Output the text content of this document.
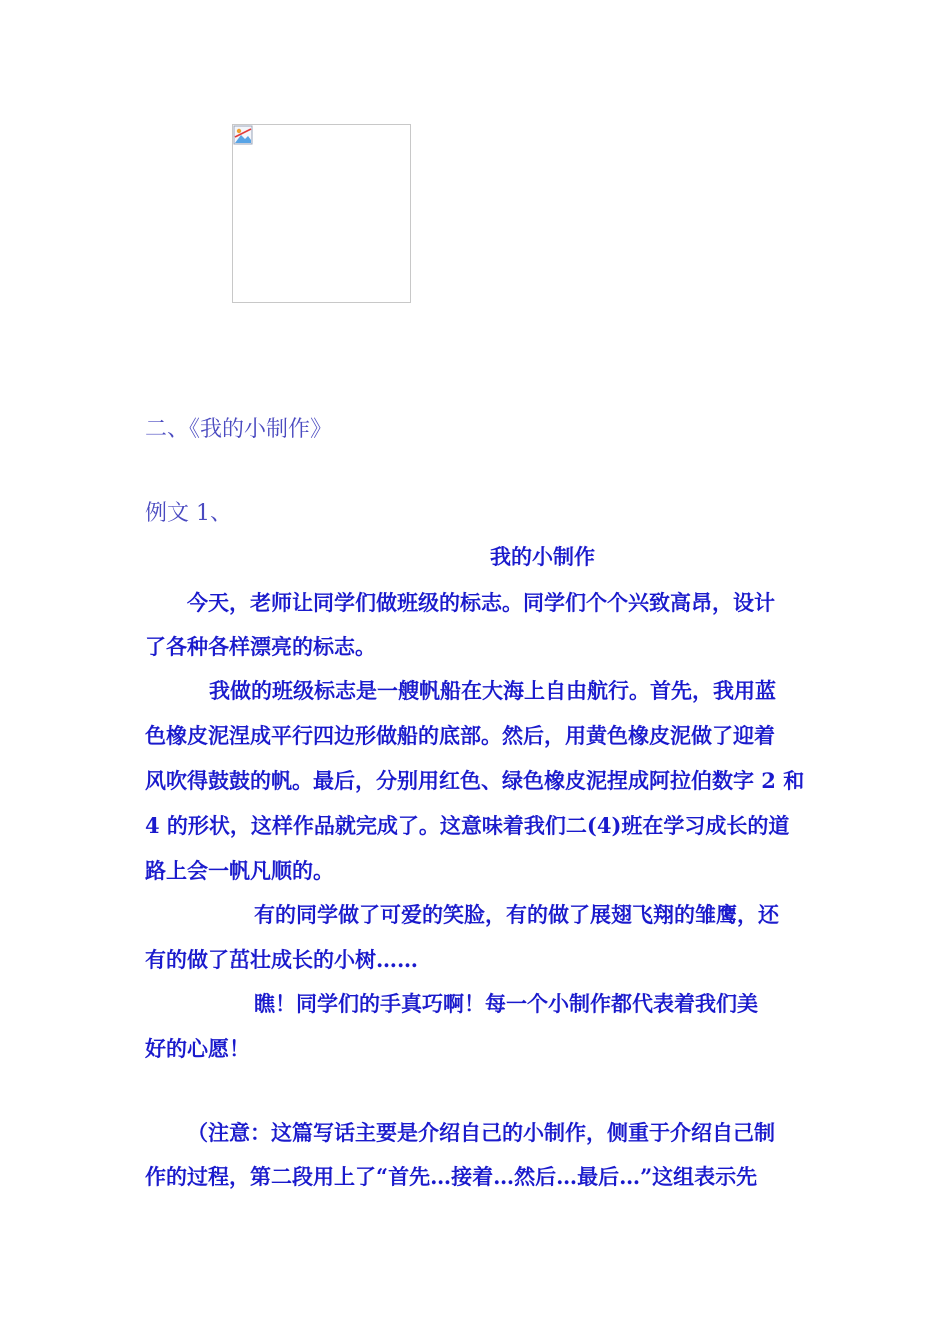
二、《我的小制作》
例文 1、
我的小制作
今天，老师让同学们做班级的标志。同学们个个兴致高昂，设计
了各种各样漂亮的标志。
我做的班级标志是一艘帆船在大海上自由航行。首先，我用蓝
色橡皮泥涅成平行四边形做船的底部。然后，用黄色橡皮泥做了迎着
风吹得鼓鼓的帆。最后，分别用红色、绿色橡皮泥捏成阿拉伯数字 2 和
4 的形状，这样作品就完成了。这意味着我们二(4)班在学习成长的道
路上会一帆凡顺的。
有的同学做了可爱的笑脸，有的做了展翅飞翔的雏鹰，还
有的做了茁壮成长的小树……
瞧！同学们的手真巧啊！每一个小制作都代表着我们美
好的心愿！
（注意：这篇写话主要是介绍自己的小制作，侧重于介绍自己制
作的过程，第二段用上了“首先…接着…然后…最后…”这组表示先
